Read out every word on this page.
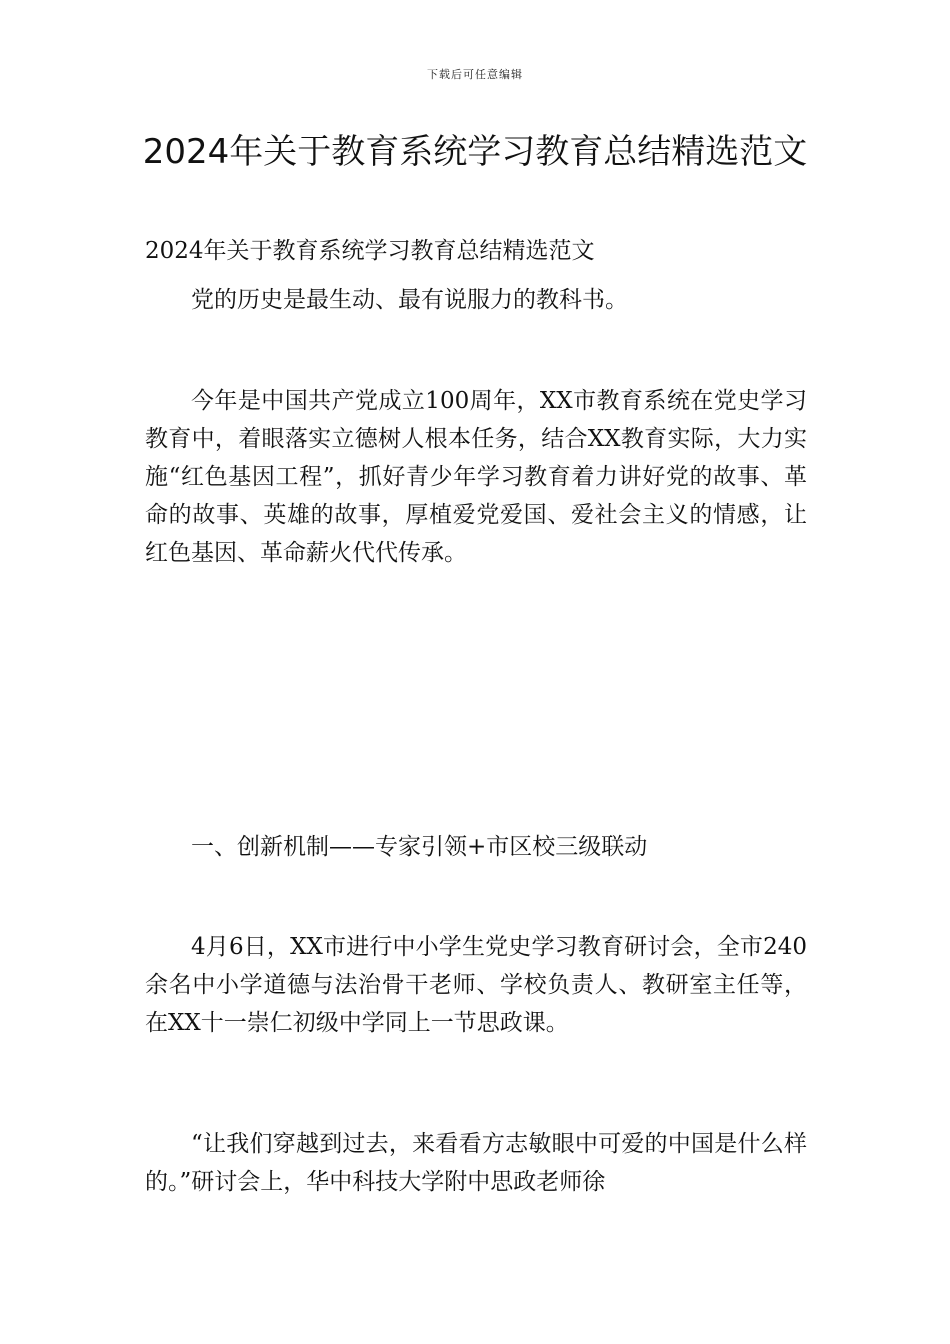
下载后可任意编辑
2024年关于教育系统学习教育总结精选范文

2024年关于教育系统学习教育总结精选范文

党的历史是最生动、最有说服力的教科书。

今年是中国共产党成立100周年，XX市教育系统在党史学习教育中，着眼落实立德树人根本任务，结合XX教育实际，大力实施“红色基因工程”，抓好青少年学习教育着力讲好党的故事、革命的故事、英雄的故事，厚植爱党爱国、爱社会主义的情感，让红色基因、革命薪火代代传承。

一、创新机制——专家引领+市区校三级联动

4月6日，XX市进行中小学生党史学习教育研讨会，全市240余名中小学道德与法治骨干老师、学校负责人、教研室主任等，在XX十一崇仁初级中学同上一节思政课。

“让我们穿越到过去，来看看方志敏眼中可爱的中国是什么样的。”研讨会上，华中科技大学附中思政老师徐
